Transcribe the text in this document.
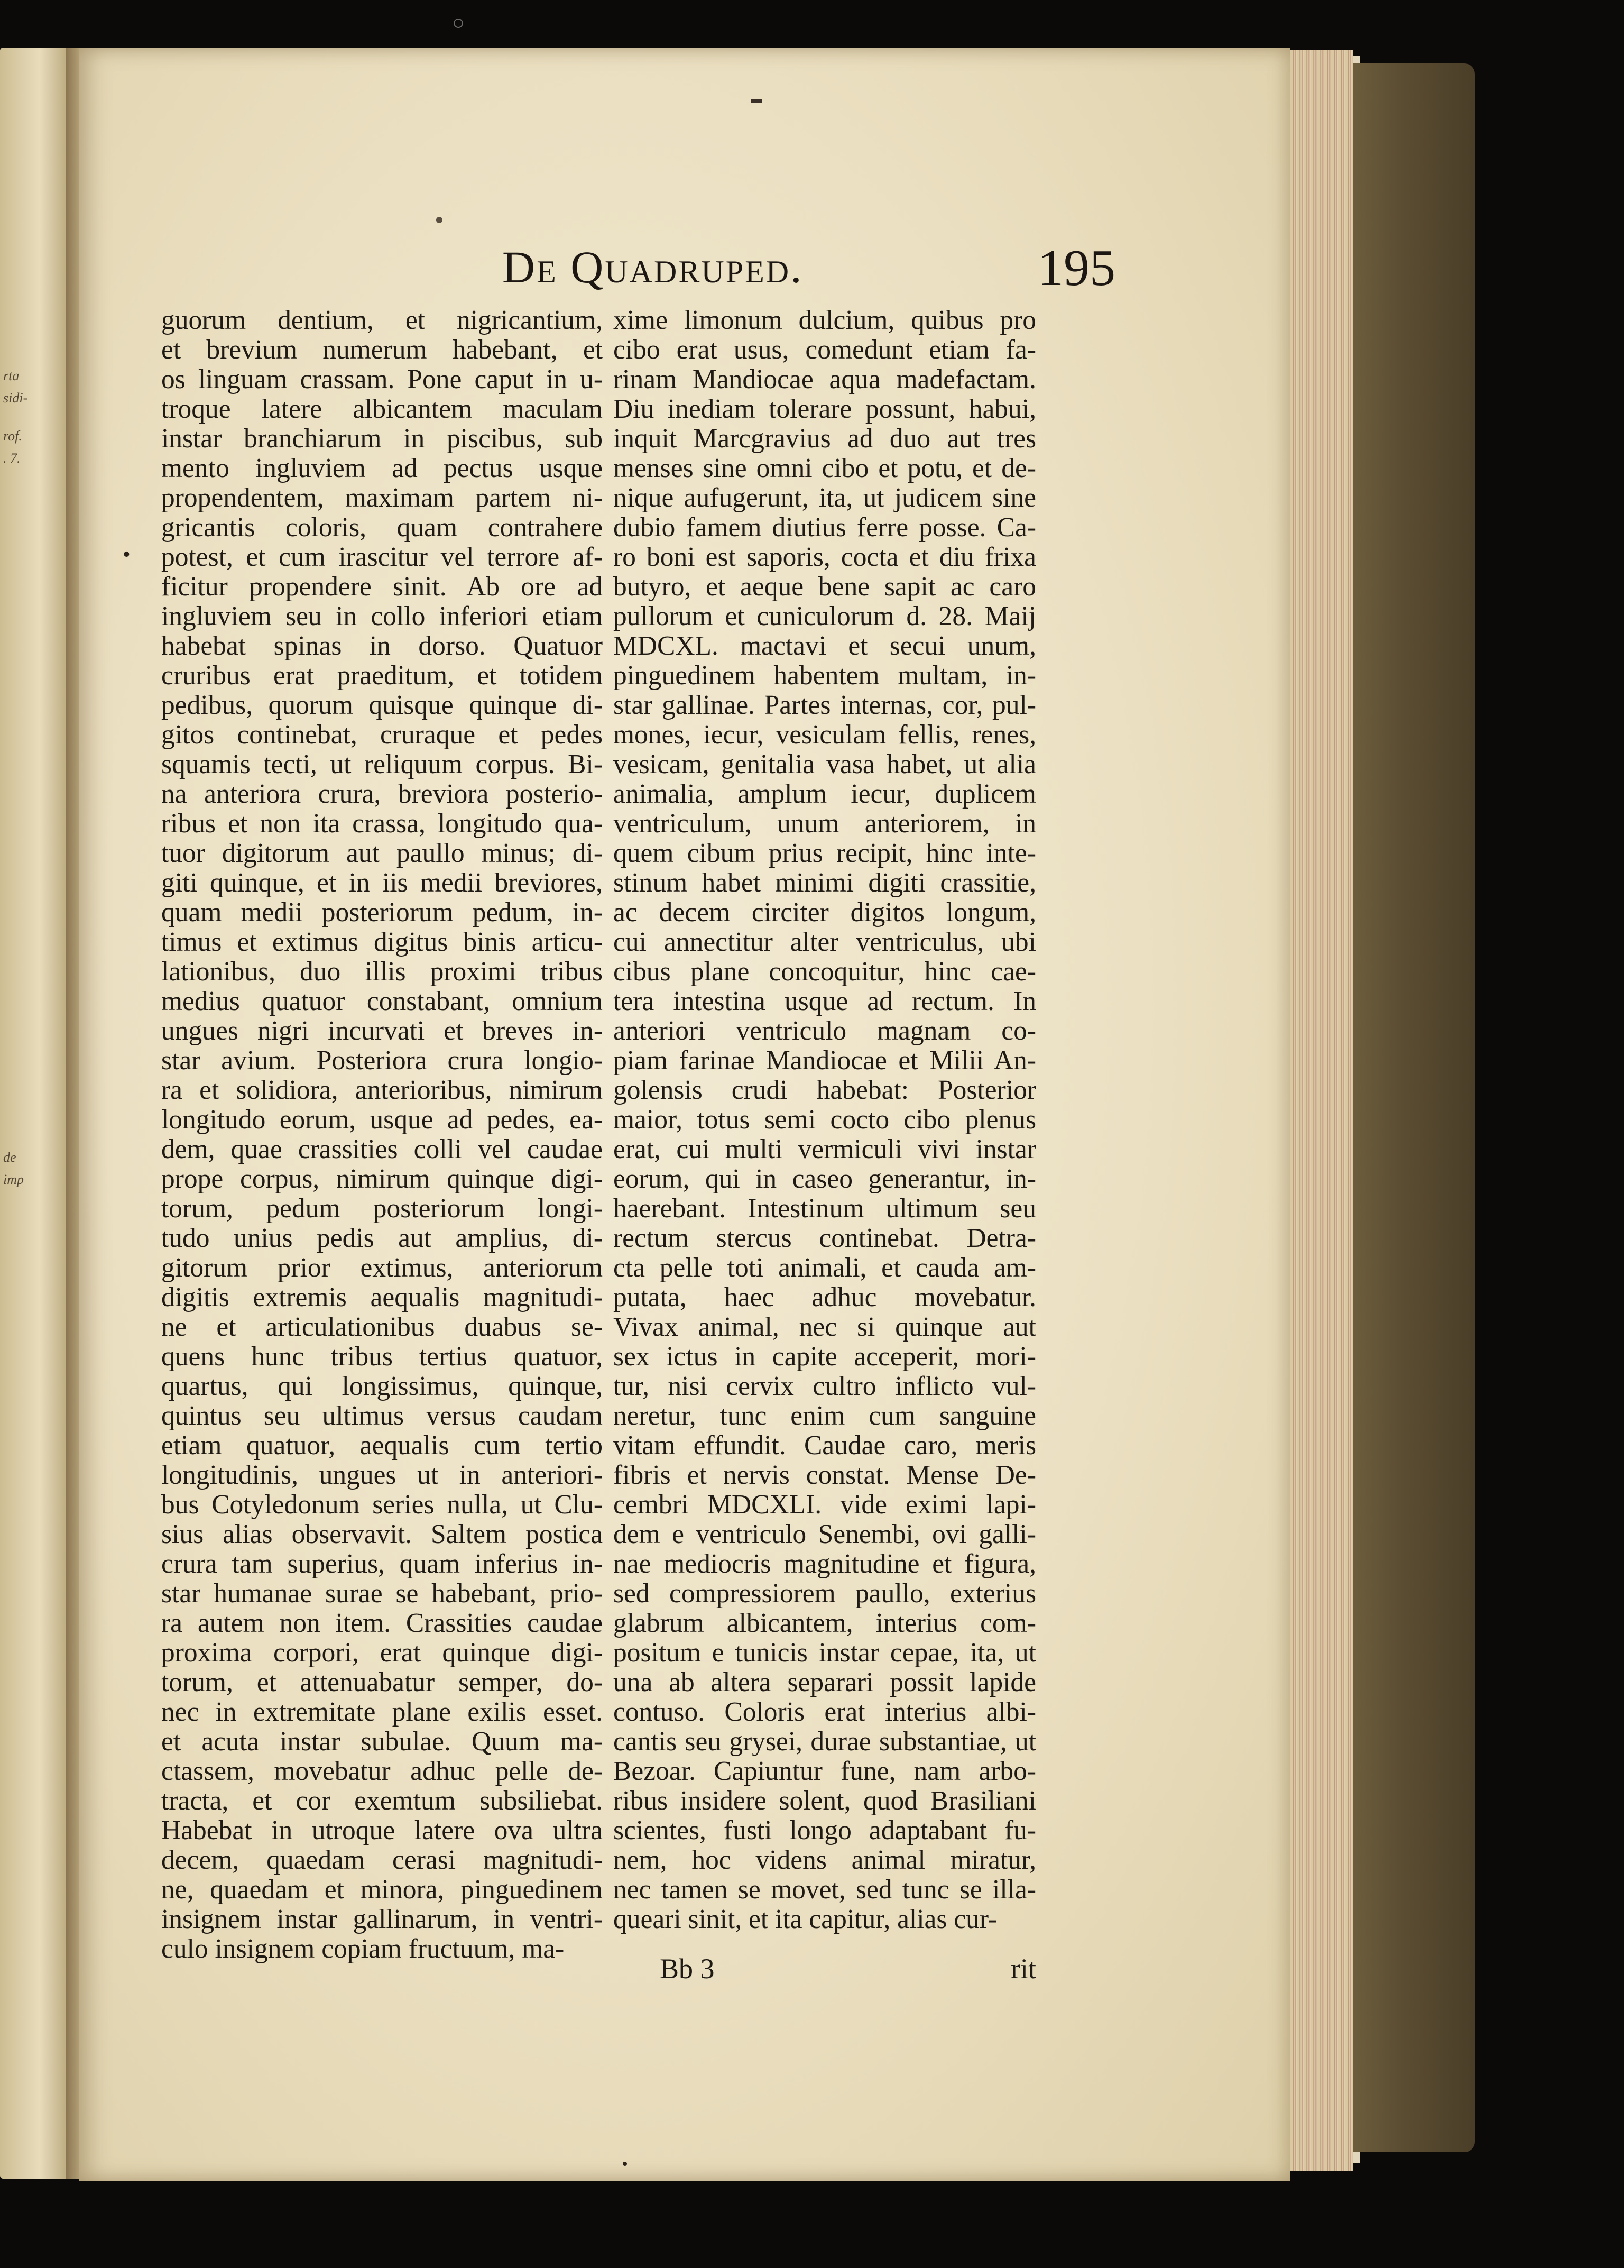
rta
sidi-
rof.
. 7.
de
imp
De Quadruped.	195
•
guorum dentium, et nigricantium,
et brevium numerum habebant, et
os linguam crassam. Pone caput in u-
troque latere albicantem maculam
instar branchiarum in piscibus, sub
mento ingluviem ad pectus usque
propendentem, maximam partem ni-
gricantis coloris, quam contrahere
potest, et cum irascitur vel terrore af-
ficitur propendere sinit. Ab ore ad
ingluviem seu in collo inferiori etiam
habebat spinas in dorso. Quatuor
cruribus erat praeditum, et totidem
pedibus, quorum quisque quinque di-
gitos continebat, cruraque et pedes
squamis tecti, ut reliquum corpus. Bi-
na anteriora crura, breviora posterio-
ribus et non ita crassa, longitudo qua-
tuor digitorum aut paullo minus; di-
giti quinque, et in iis medii breviores,
quam medii posteriorum pedum, in-
timus et extimus digitus binis articu-
lationibus, duo illis proximi tribus
medius quatuor constabant, omnium
ungues nigri incurvati et breves in-
star avium. Posteriora crura longio-
ra et solidiora, anterioribus, nimirum
longitudo eorum, usque ad pedes, ea-
dem, quae crassities colli vel caudae
prope corpus, nimirum quinque digi-
torum, pedum posteriorum longi-
tudo unius pedis aut amplius, di-
gitorum prior extimus, anteriorum
digitis extremis aequalis magnitudi-
ne et articulationibus duabus se-
quens hunc tribus tertius quatuor,
quartus, qui longissimus, quinque,
quintus seu ultimus versus caudam
etiam quatuor, aequalis cum tertio
longitudinis, ungues ut in anteriori-
bus Cotyledonum series nulla, ut Clu-
sius alias observavit. Saltem postica
crura tam superius, quam inferius in-
star humanae surae se habebant, prio-
ra autem non item. Crassities caudae
proxima corpori, erat quinque digi-
torum, et attenuabatur semper, do-
nec in extremitate plane exilis esset.
et acuta instar subulae. Quum ma-
ctassem, movebatur adhuc pelle de-
tracta, et cor exemtum subsiliebat.
Habebat in utroque latere ova ultra
decem, quaedam cerasi magnitudi-
ne, quaedam et minora, pinguedinem
insignem instar gallinarum, in ventri-
culo insignem copiam fructuum, ma-
xime limonum dulcium, quibus pro
cibo erat usus, comedunt etiam fa-
rinam Mandiocae aqua madefactam.
Diu inediam tolerare possunt, habui,
inquit Marcgravius ad duo aut tres
menses sine omni cibo et potu, et de-
nique aufugerunt, ita, ut judicem sine
dubio famem diutius ferre posse. Ca-
ro boni est saporis, cocta et diu frixa
butyro, et aeque bene sapit ac caro
pullorum et cuniculorum d. 28. Maij
MDCXL. mactavi et secui unum,
pinguedinem habentem multam, in-
star gallinae. Partes internas, cor, pul-
mones, iecur, vesiculam fellis, renes,
vesicam, genitalia vasa habet, ut alia
animalia, amplum iecur, duplicem
ventriculum, unum anteriorem, in
quem cibum prius recipit, hinc inte-
stinum habet minimi digiti crassitie,
ac decem circiter digitos longum,
cui annectitur alter ventriculus, ubi
cibus plane concoquitur, hinc cae-
tera intestina usque ad rectum. In
anteriori ventriculo magnam co-
piam farinae Mandiocae et Milii An-
golensis crudi habebat: Posterior
maior, totus semi cocto cibo plenus
erat, cui multi vermiculi vivi instar
eorum, qui in caseo generantur, in-
haerebant. Intestinum ultimum seu
rectum stercus continebat. Detra-
cta pelle toti animali, et cauda am-
putata, haec adhuc movebatur.
Vivax animal, nec si quinque aut
sex ictus in capite acceperit, mori-
tur, nisi cervix cultro inflicto vul-
neretur, tunc enim cum sanguine
vitam effundit. Caudae caro, meris
fibris et nervis constat. Mense De-
cembri MDCXLI. vide eximi lapi-
dem e ventriculo Senembi, ovi galli-
nae mediocris magnitudine et figura,
sed compressiorem paullo, exterius
glabrum albicantem, interius com-
positum e tunicis instar cepae, ita, ut
una ab altera separari possit lapide
contuso. Coloris erat interius albi-
cantis seu grysei, durae substantiae, ut
Bezoar. Capiuntur fune, nam arbo-
ribus insidere solent, quod Brasiliani
scientes, fusti longo adaptabant fu-
nem, hoc videns animal miratur,
nec tamen se movet, sed tunc se illa-
queari sinit, et ita capitur, alias cur-
Bb 3	rit
